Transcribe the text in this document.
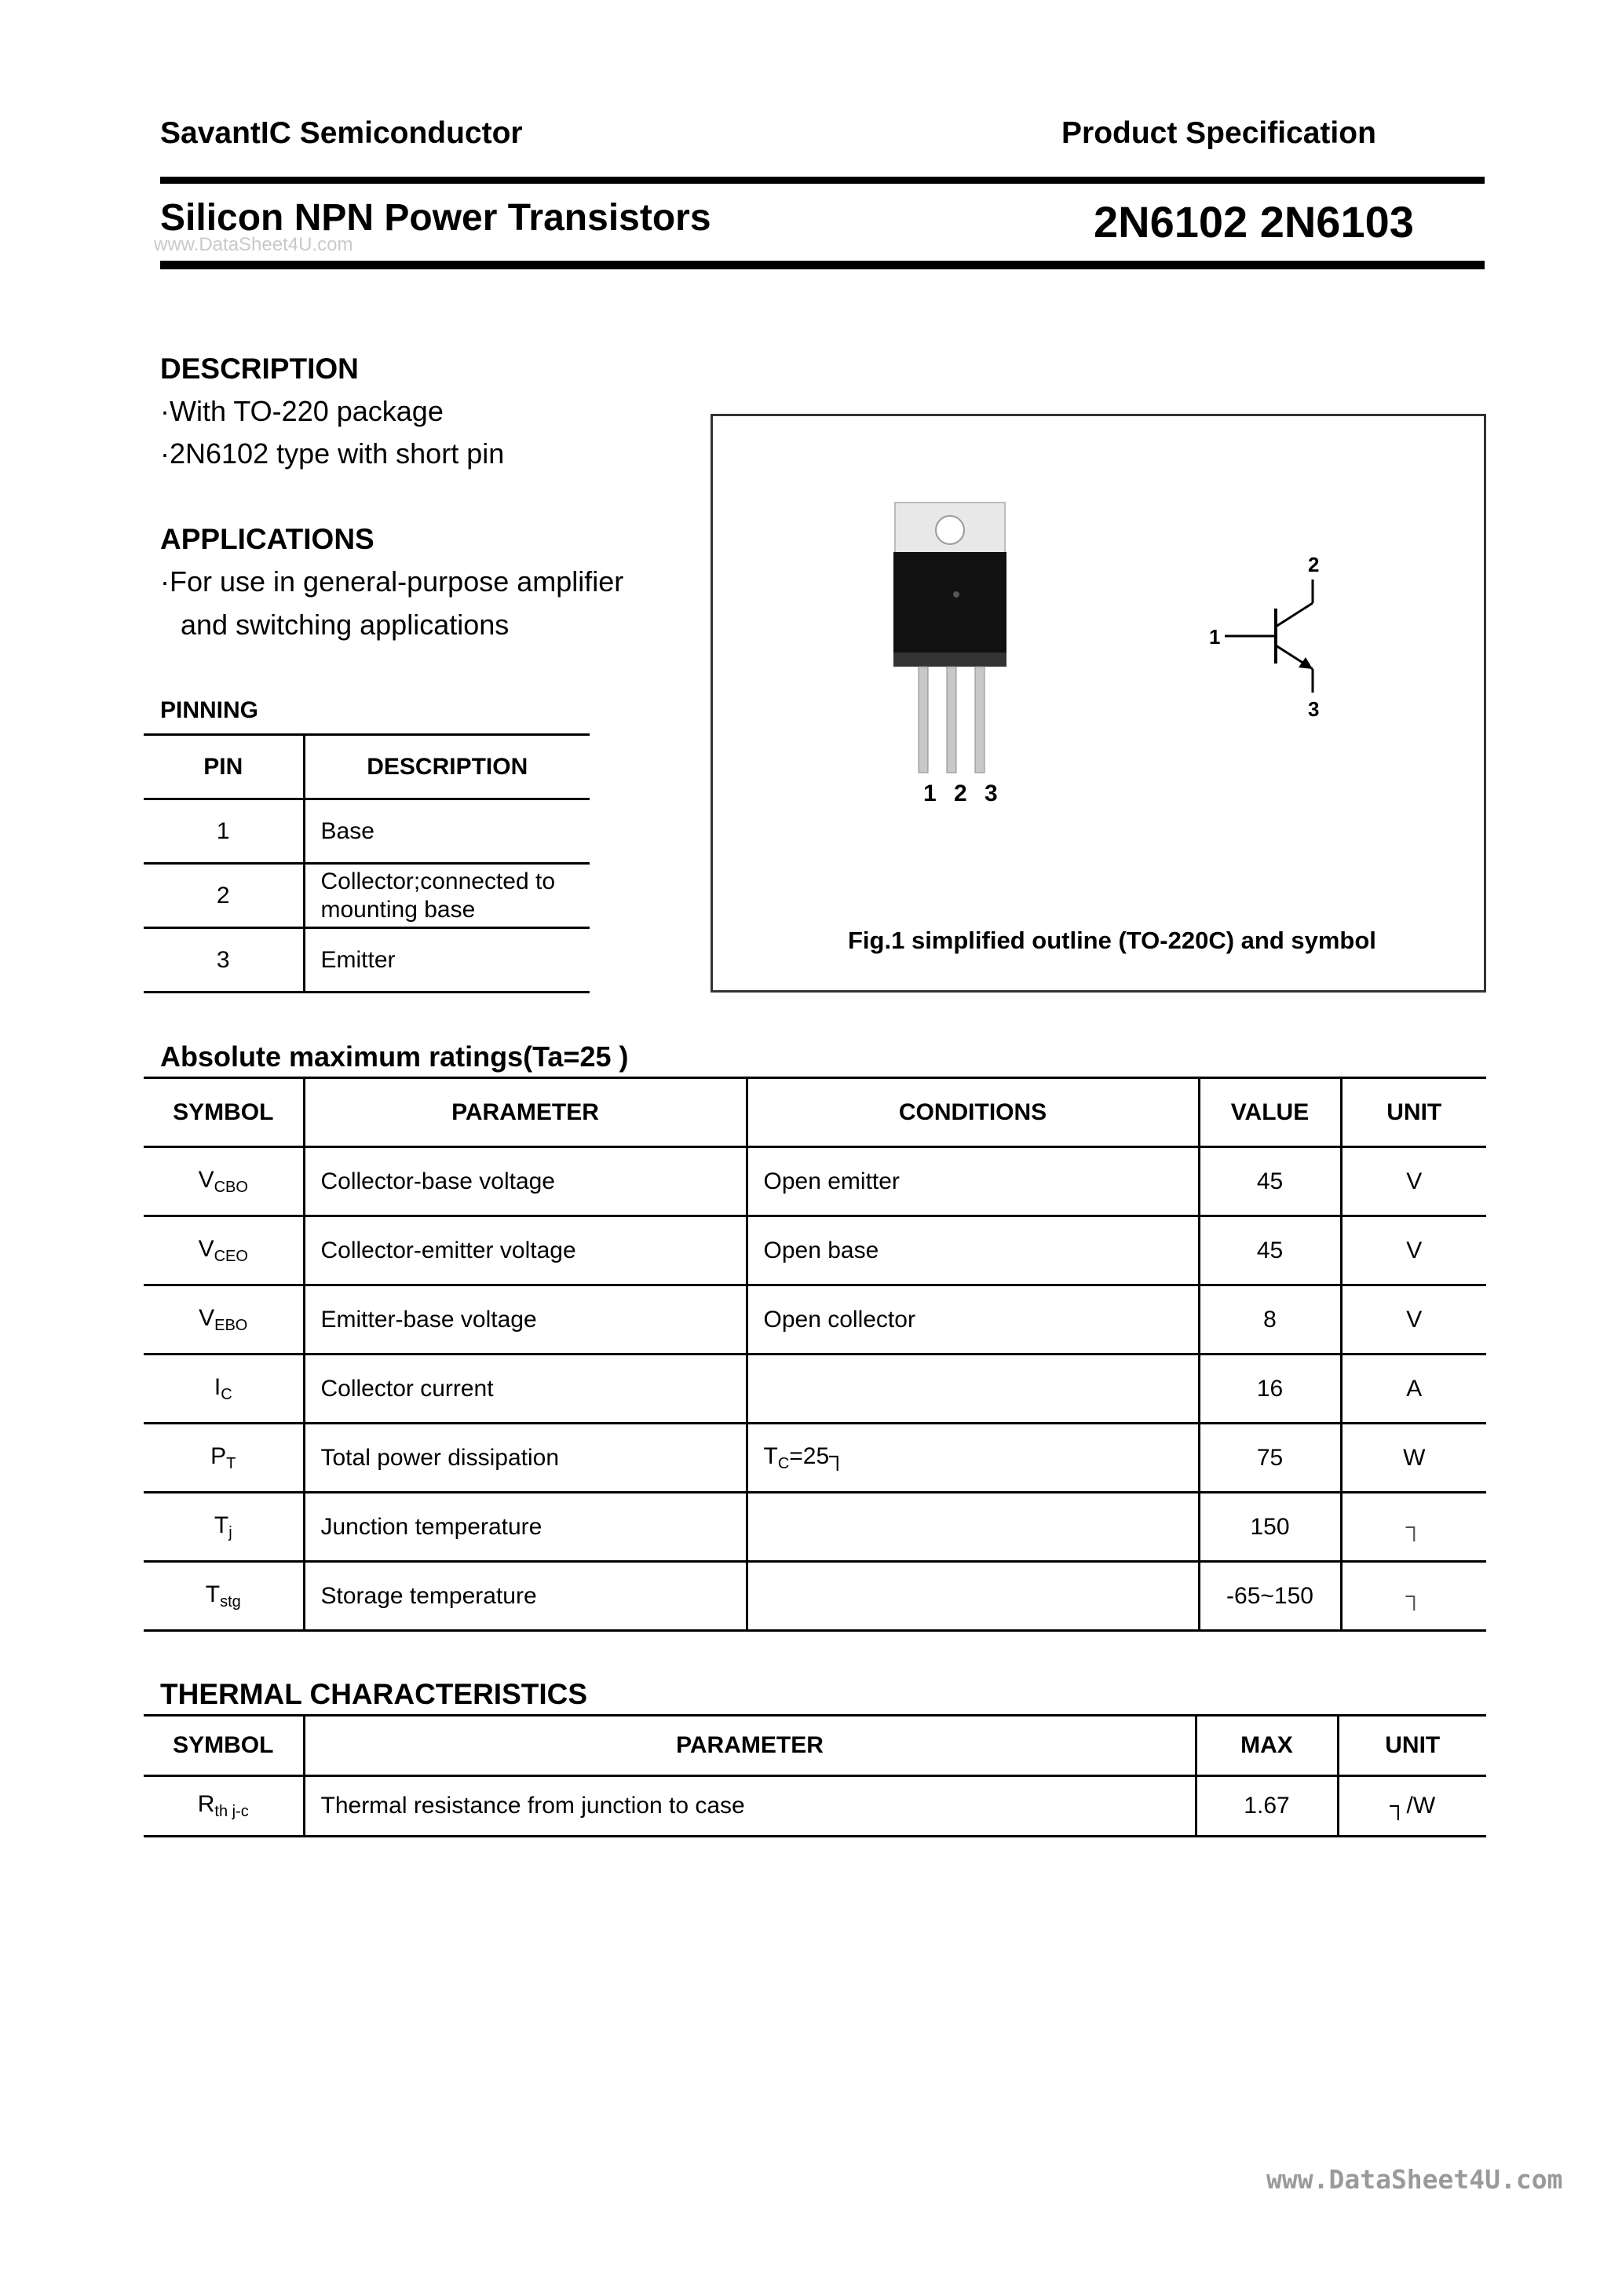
SavantIC Semiconductor	Product Specification
Silicon NPN Power Transistors	2N6102 2N6103
www.DataSheet4U.com
DESCRIPTION
·With TO-220 package
·2N6102 type with short pin
APPLICATIONS
·For use in general-purpose amplifier
and switching applications
PINNING
PIN	DESCRIPTION
1	Base
2	Collector;connected to
mounting base
3	Emitter
1 2 3
1
2
3
Fig.1 simplified outline (TO-220C) and symbol
Absolute maximum ratings(Ta=25 )
SYMBOL	PARAMETER	CONDITIONS	VALUE	UNIT
$V_{CBO}$	Collector-base voltage	Open emitter	45	V
$V_{CEO}$	Collector-emitter voltage	Open base	45	V
$V_{EBO}$	Emitter-base voltage	Open collector	8	V
$I_C$	Collector current		16	A
$P_T$	Total power dissipation	$T_C=25┐$	75	W
$T_j$	Junction temperature		150	┐
$T_{stg}$	Storage temperature		-65~150	┐
THERMAL CHARACTERISTICS
SYMBOL	PARAMETER	MAX	UNIT
$R_{th j-c}$	Thermal resistance from junction to case	1.67	┐/W
www.DataSheet4U.com
